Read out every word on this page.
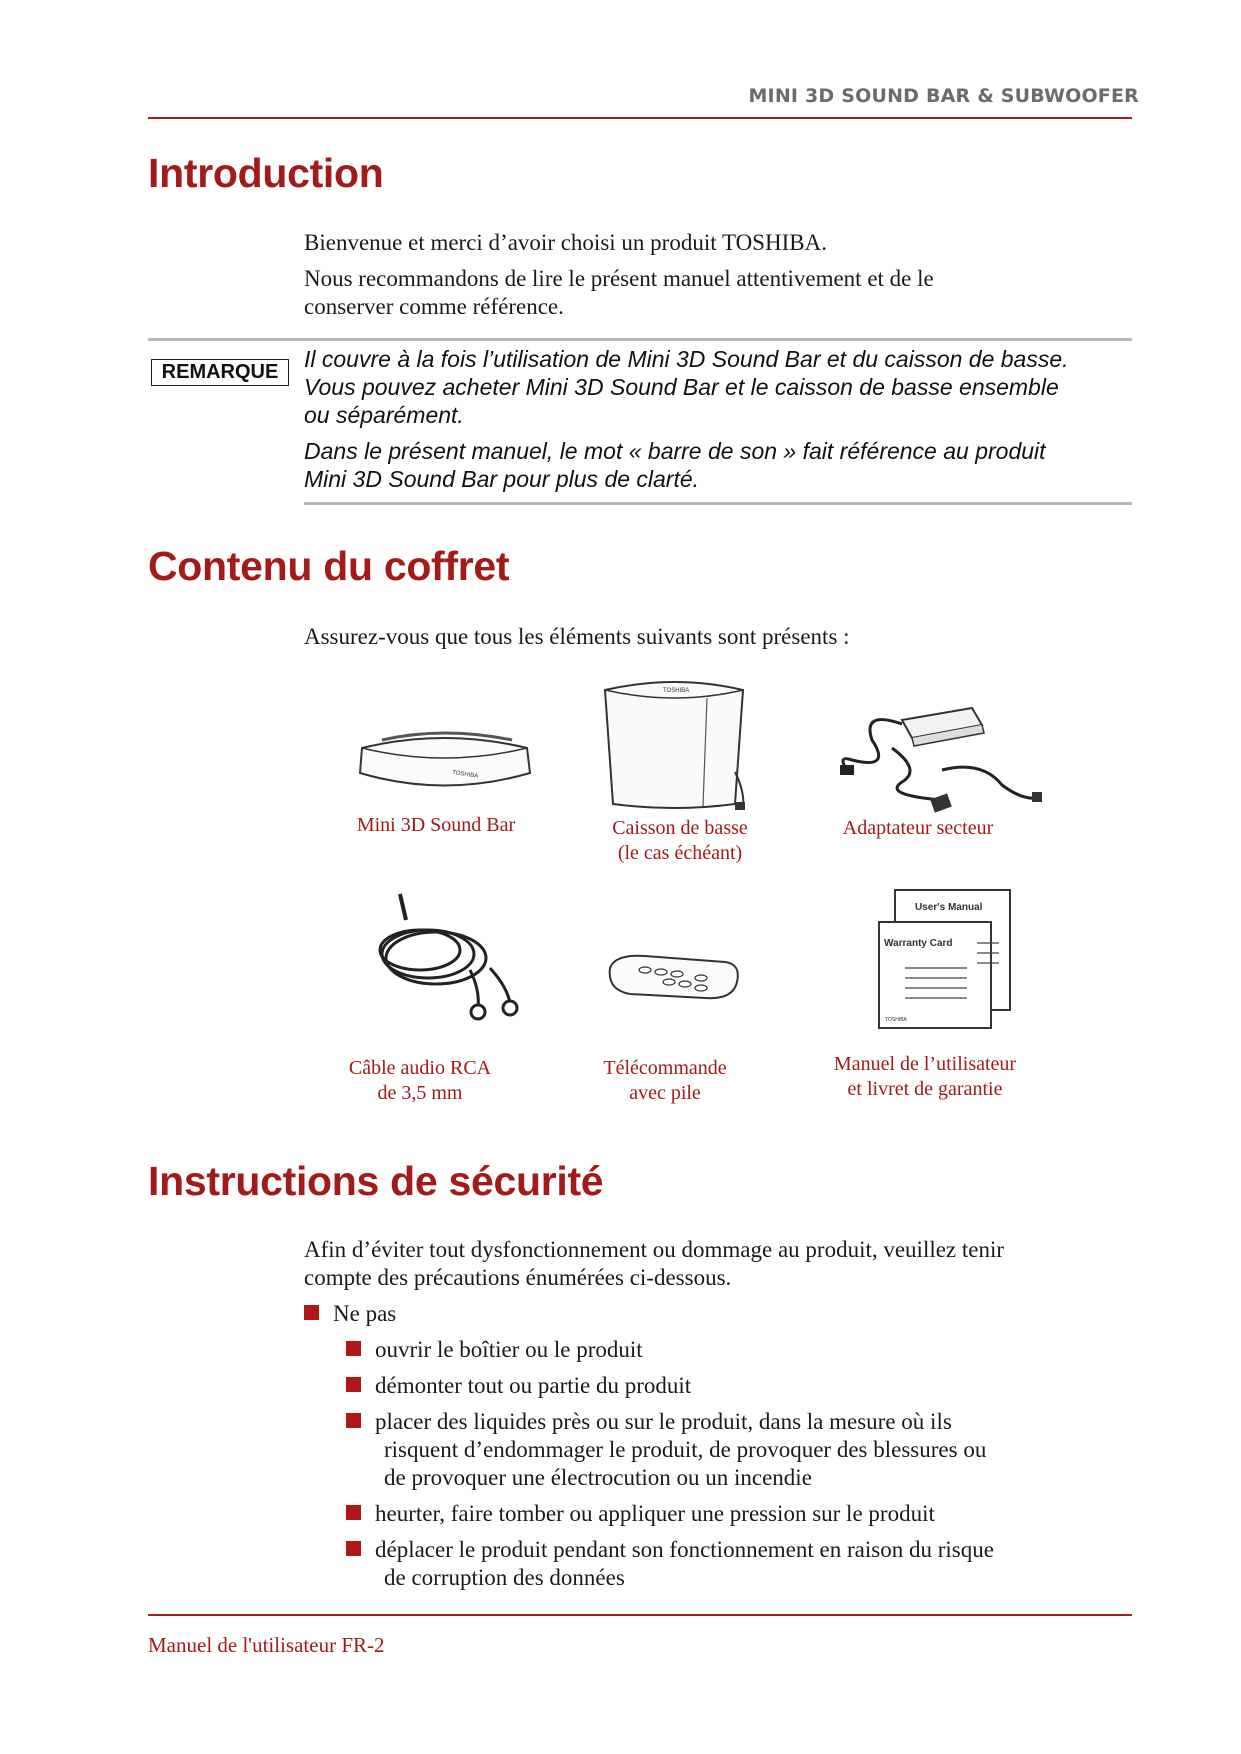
MINI 3D SOUND BAR & SUBWOOFER
Introduction
Bienvenue et merci d’avoir choisi un produit TOSHIBA.
Nous recommandons de lire le présent manuel attentivement et de le
conserver comme référence.
REMARQUE	Il couvre à la fois l’utilisation de Mini 3D Sound Bar et du caisson de basse.
Vous pouvez acheter Mini 3D Sound Bar et le caisson de basse ensemble
ou séparément.
Dans le présent manuel, le mot « barre de son » fait référence au produit
Mini 3D Sound Bar pour plus de clarté.
Contenu du coffret
Assurez-vous que tous les éléments suivants sont présents :
TOSHIBA
Mini 3D Sound Bar
TOSHIBA
Caisson de basse
(le cas échéant)
Adaptateur secteur
Câble audio RCA
de 3,5 mm
Télécommande
avec pile
User's Manual
Warranty Card
TOSHIBA
Manuel de l’utilisateur
et livret de garantie
Instructions de sécurité
Afin d’éviter tout dysfonctionnement ou dommage au produit, veuillez tenir
compte des précautions énumérées ci-dessous.
Ne pas
ouvrir le boîtier ou le produit
démonter tout ou partie du produit
placer des liquides près ou sur le produit, dans la mesure où ils
risquent d’endommager le produit, de provoquer des blessures ou
de provoquer une électrocution ou un incendie
heurter, faire tomber ou appliquer une pression sur le produit
déplacer le produit pendant son fonctionnement en raison du risque
de corruption des données
Manuel de l'utilisateur FR-2
